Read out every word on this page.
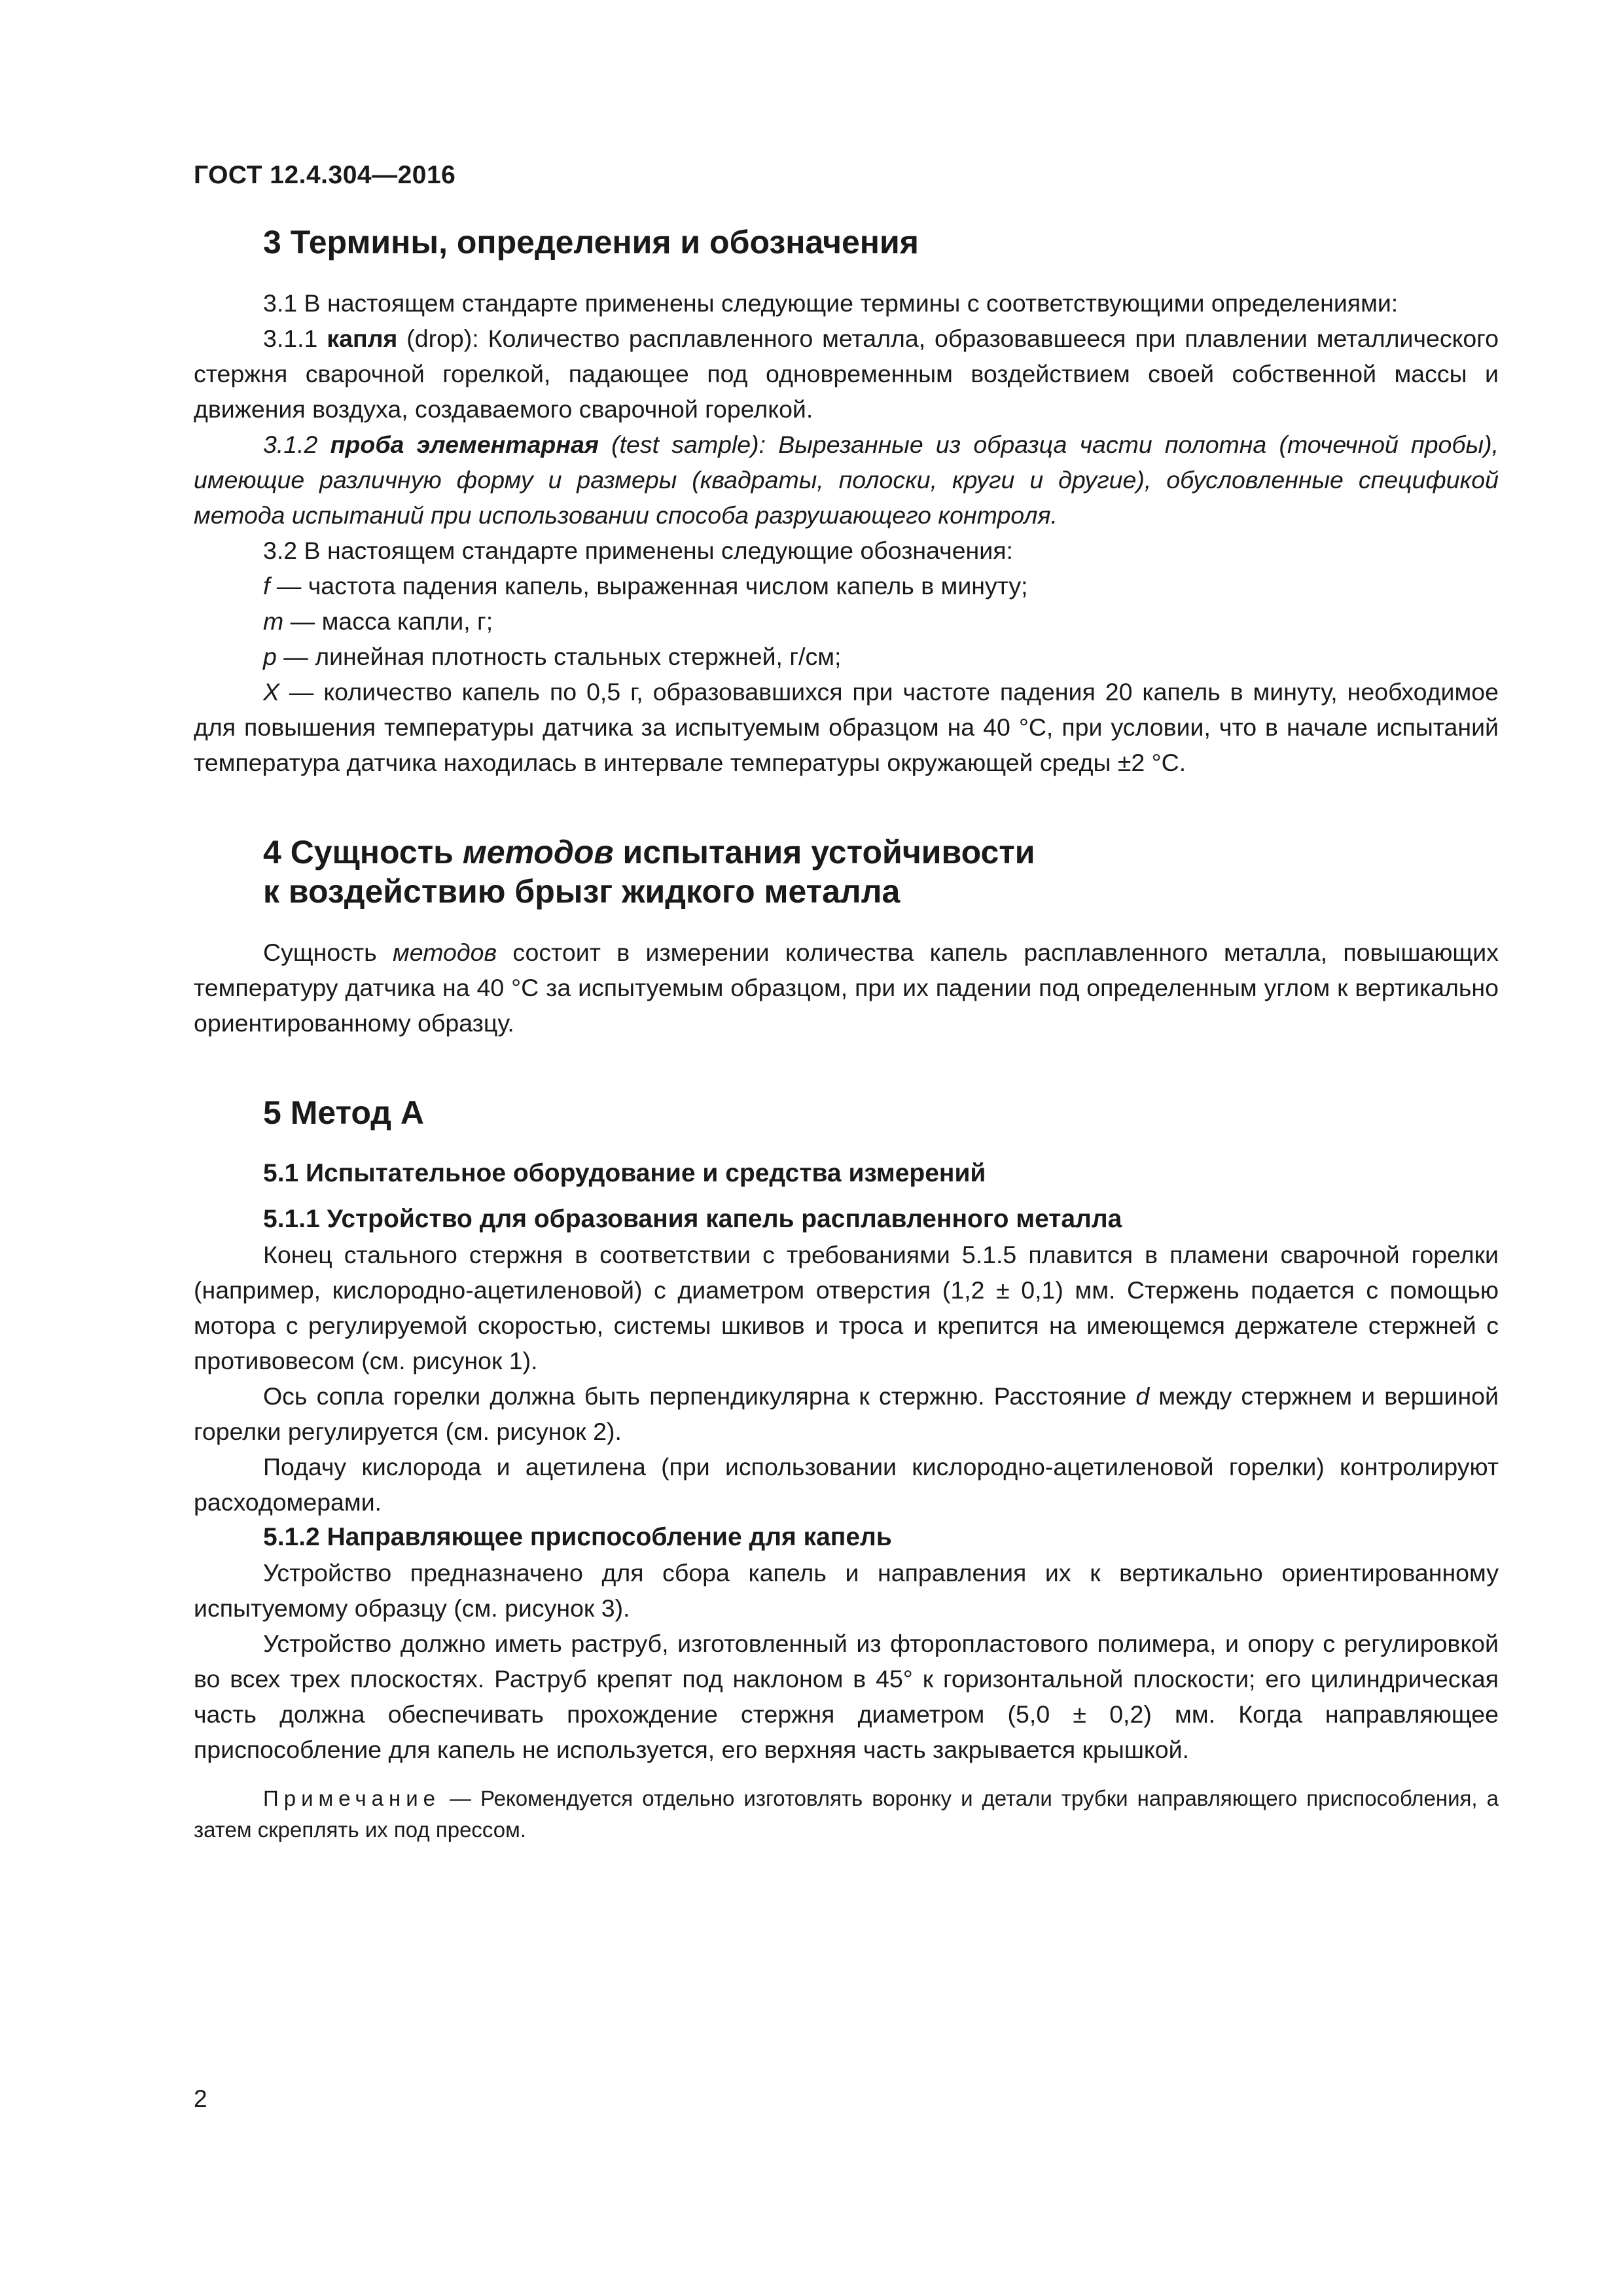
ГОСТ 12.4.304—2016
3 Термины, определения и обозначения

3.1 В настоящем стандарте применены следующие термины с соответствующими определениями:

3.1.1 капля (drop): Количество расплавленного металла, образовавшееся при плавлении металлического стержня сварочной горелкой, падающее под одновременным воздействием своей собственной массы и движения воздуха, создаваемого сварочной горелкой.

3.1.2 проба элементарная (test sample): Вырезанные из образца части полотна (точечной пробы), имеющие различную форму и размеры (квадраты, полоски, круги и другие), обусловленные спецификой метода испытаний при использовании способа разрушающего контроля.

3.2 В настоящем стандарте применены следующие обозначения:

f — частота падения капель, выраженная числом капель в минуту;

m — масса капли, г;

p — линейная плотность стальных стержней, г/см;

X — количество капель по 0,5 г, образовавшихся при частоте падения 20 капель в минуту, необходимое для повышения температуры датчика за испытуемым образцом на 40 °С, при условии, что в начале испытаний температура датчика находилась в интервале температуры окружающей среды ±2 °С.

4 Сущность методов испытания устойчивости
к воздействию брызг жидкого металла

Сущность методов состоит в измерении количества капель расплавленного металла, повышающих температуру датчика на 40 °С за испытуемым образцом, при их падении под определенным углом к вертикально ориентированному образцу.

5 Метод А
5.1 Испытательное оборудование и средства измерений
5.1.1 Устройство для образования капель расплавленного металла

Конец стального стержня в соответствии с требованиями 5.1.5 плавится в пламени сварочной горелки (например, кислородно-ацетиленовой) с диаметром отверстия (1,2 ± 0,1) мм. Стержень подается с помощью мотора с регулируемой скоростью, системы шкивов и троса и крепится на имеющемся держателе стержней с противовесом (см. рисунок 1).

Ось сопла горелки должна быть перпендикулярна к стержню. Расстояние d между стержнем и вершиной горелки регулируется (см. рисунок 2).

Подачу кислорода и ацетилена (при использовании кислородно-ацетиленовой горелки) контролируют расходомерами.

5.1.2 Направляющее приспособление для капель

Устройство предназначено для сбора капель и направления их к вертикально ориентированному испытуемому образцу (см. рисунок 3).

Устройство должно иметь раструб, изготовленный из фторопластового полимера, и опору с регулировкой во всех трех плоскостях. Раструб крепят под наклоном в 45° к горизонтальной плоскости; его цилиндрическая часть должна обеспечивать прохождение стержня диаметром (5,0 ± 0,2) мм. Когда направляющее приспособление для капель не используется, его верхняя часть закрывается крышкой.

Примечание — Рекомендуется отдельно изготовлять воронку и детали трубки направляющего приспособления, а затем скреплять их под прессом.

2
